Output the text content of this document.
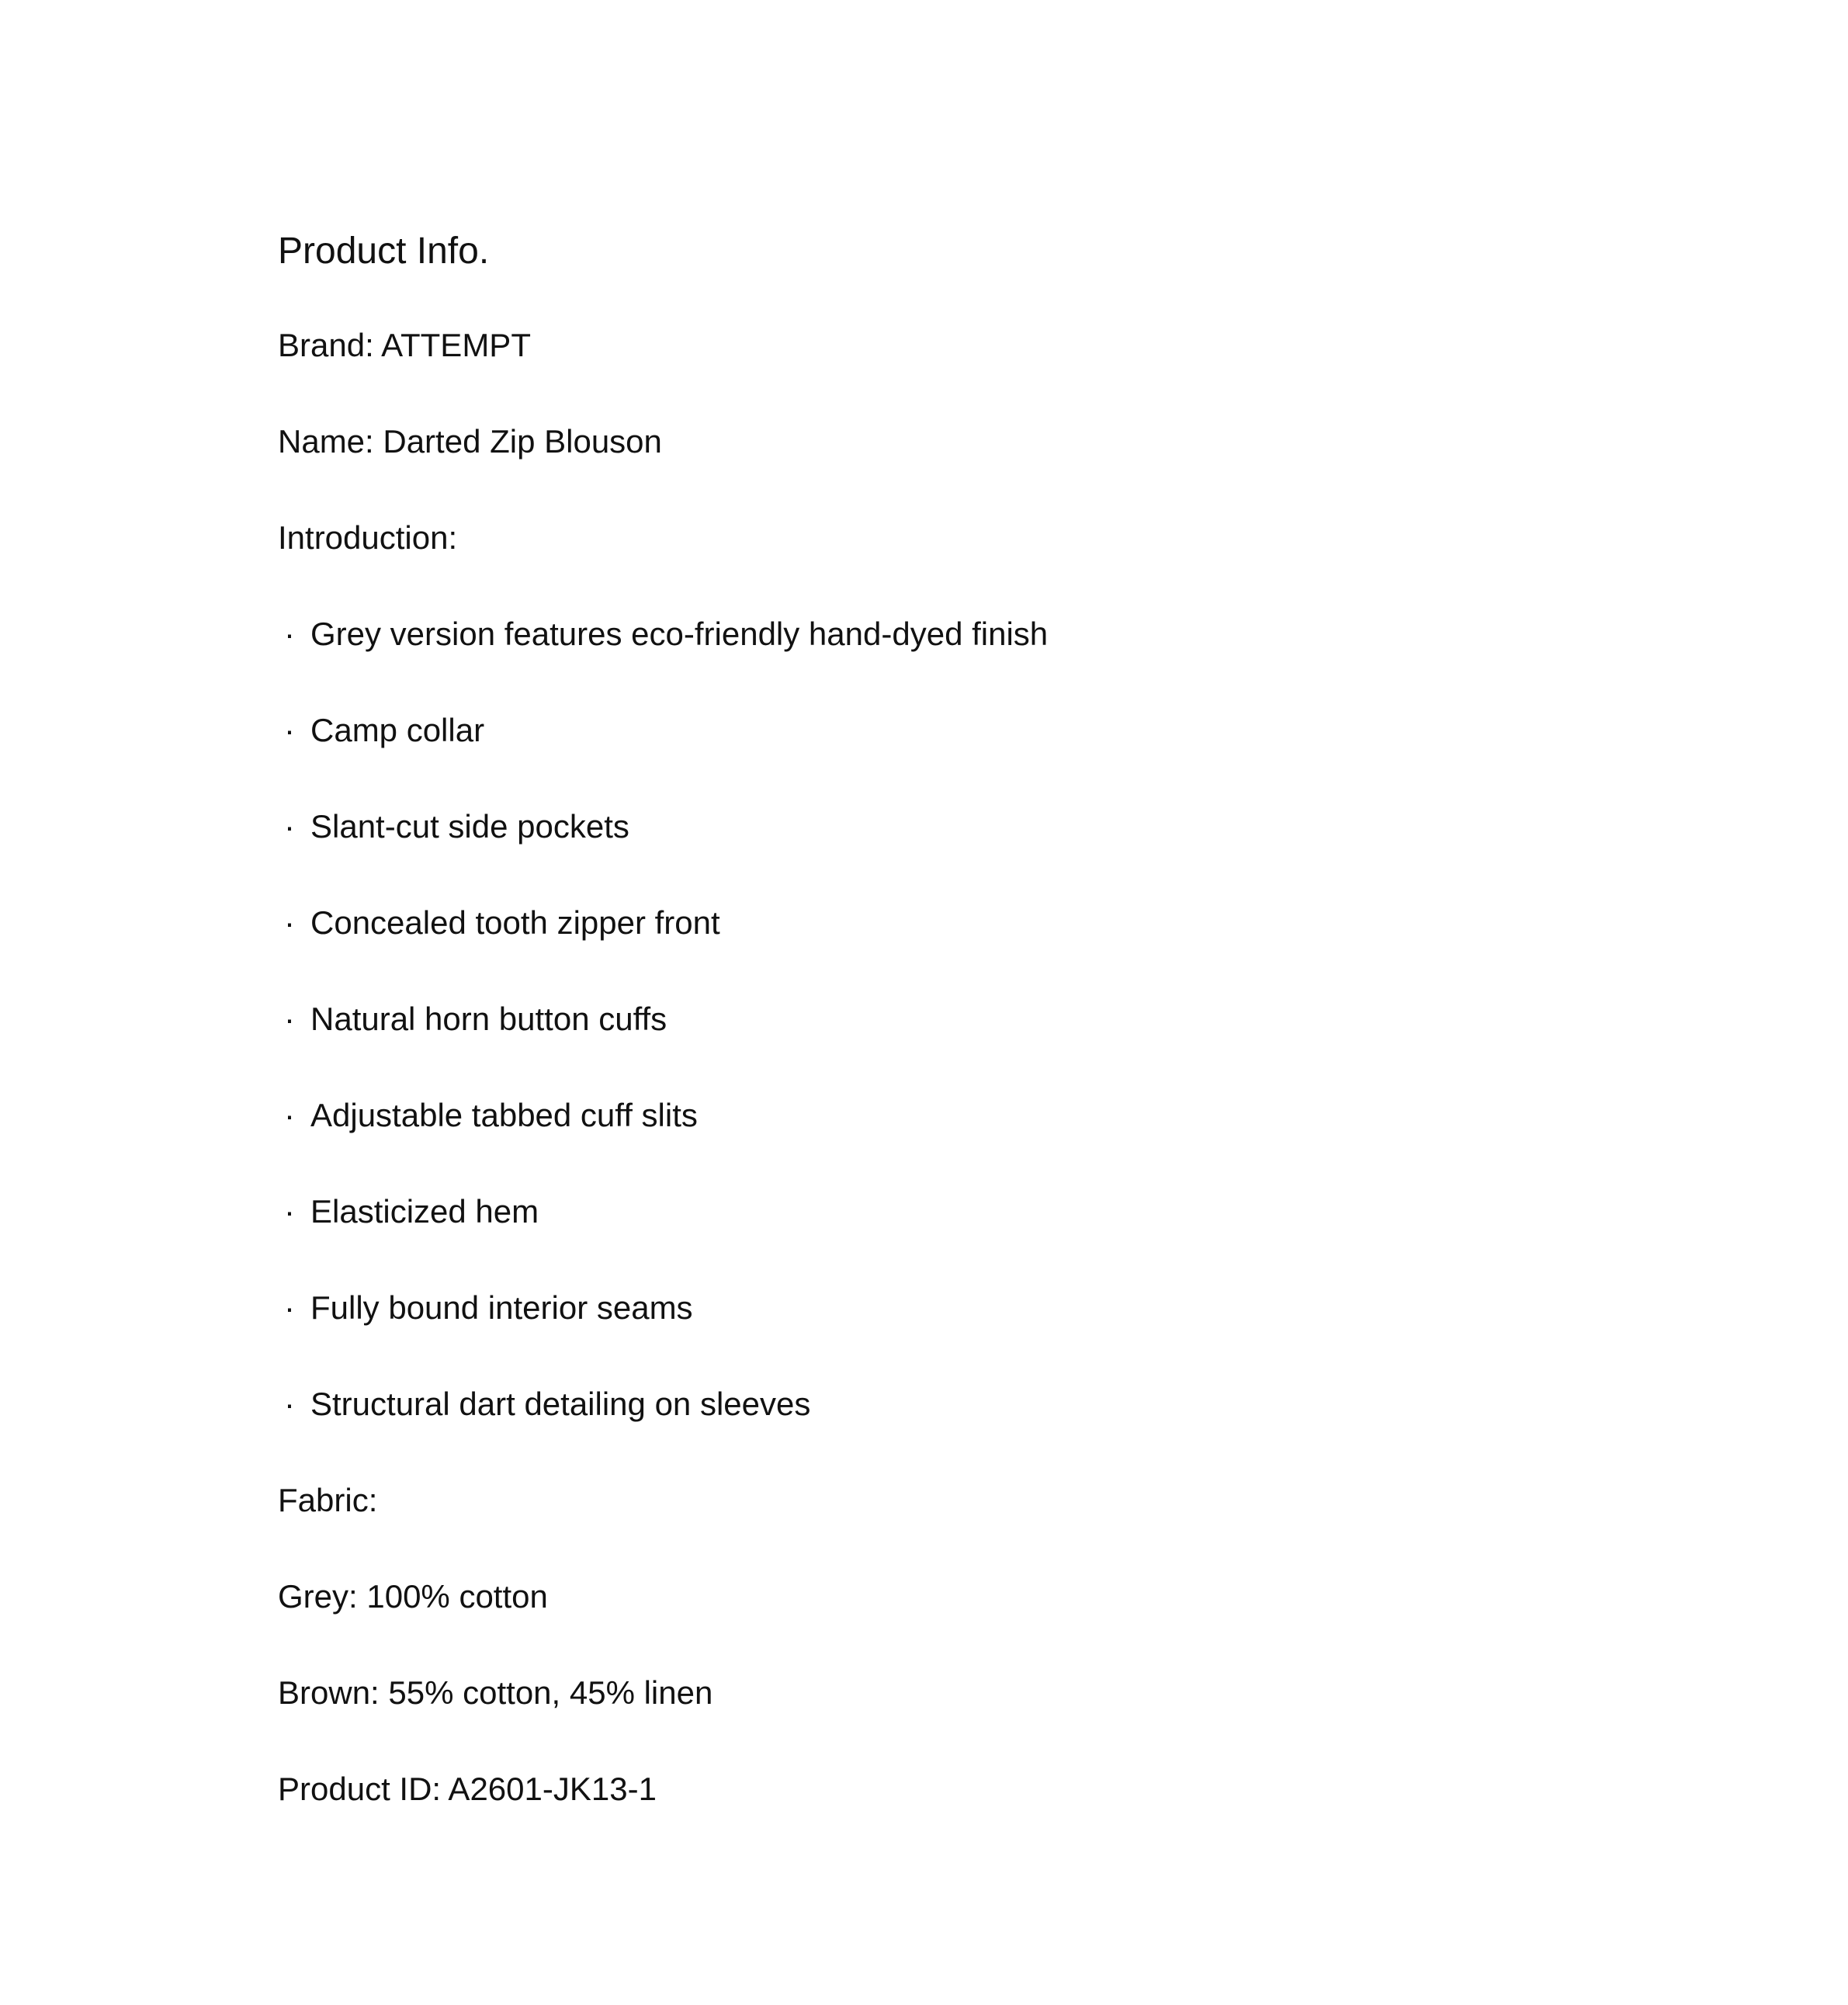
Product Info.
Brand: ATTEMPT
Name: Darted Zip Blouson
Introduction:
· Grey version features eco-friendly hand-dyed finish
· Camp collar
· Slant-cut side pockets
· Concealed tooth zipper front
· Natural horn button cuffs
· Adjustable tabbed cuff slits
· Elasticized hem
· Fully bound interior seams
· Structural dart detailing on sleeves
Fabric:
Grey: 100% cotton
Brown: 55% cotton, 45% linen
Product ID: A2601-JK13-1
